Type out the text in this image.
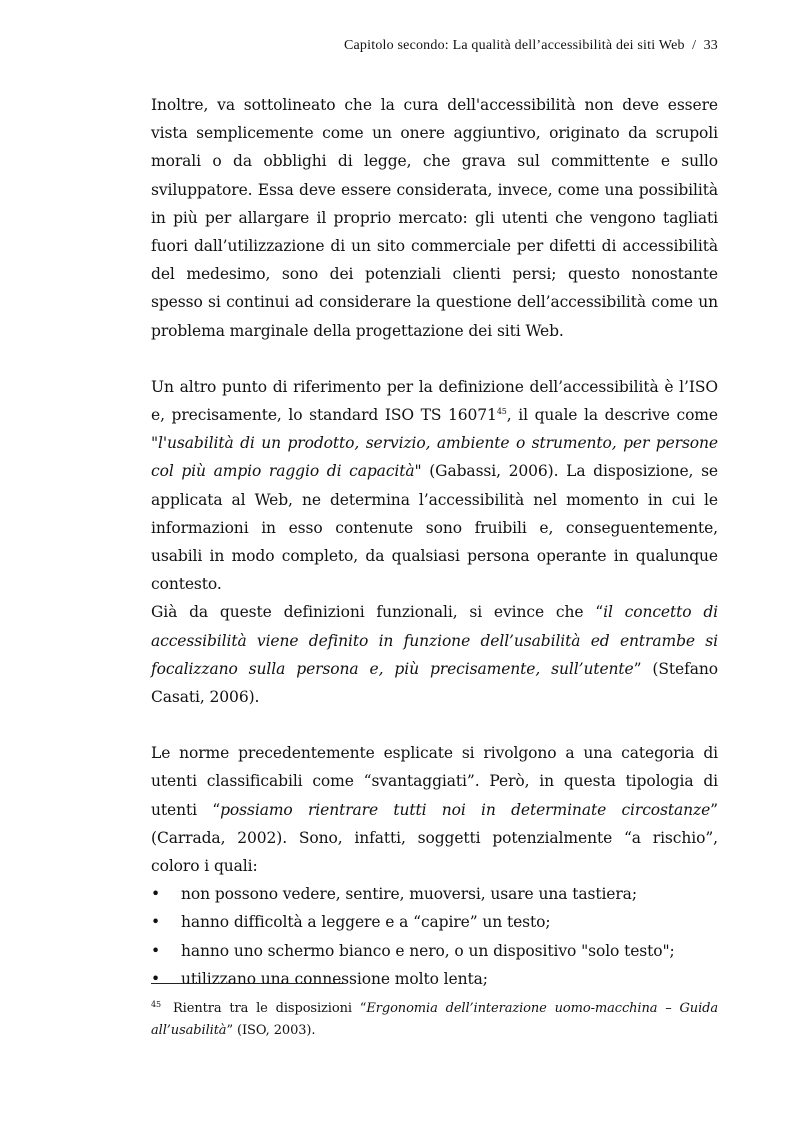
Capitolo secondo: La qualità dell’accessibilità dei siti Web / 33

Inoltre, va sottolineato che la cura dell'accessibilità non deve essere vista semplicemente come un onere aggiuntivo, originato da scrupoli morali o da obblighi di legge, che grava sul committente e sullo sviluppatore. Essa deve essere considerata, invece, come una possibilità in più per allargare il proprio mercato: gli utenti che vengono tagliati fuori dall’utilizzazione di un sito commerciale per difetti di accessibilità del medesimo, sono dei potenziali clienti persi; questo nonostante spesso si continui ad considerare la questione dell’accessibilità come un problema marginale della progettazione dei siti Web.

Un altro punto di riferimento per la definizione dell’accessibilità è l’ISO e, precisamente, lo standard ISO TS 16071$^{45}$, il quale la descrive come "l'usabilità di un prodotto, servizio, ambiente o strumento, per persone col più ampio raggio di capacità" (Gabassi, 2006). La disposizione, se applicata al Web, ne determina l’accessibilità nel momento in cui le informazioni in esso contenute sono fruibili e, conseguentemente, usabili in modo completo, da qualsiasi persona operante in qualunque contesto.

Già da queste definizioni funzionali, si evince che “il concetto di accessibilità viene definito in funzione dell’usabilità ed entrambe si focalizzano sulla persona e, più precisamente, sull’utente” (Stefano Casati, 2006).

Le norme precedentemente esplicate si rivolgono a una categoria di utenti classificabili come “svantaggiati”. Però, in questa tipologia di utenti “possiamo rientrare tutti noi in determinate circostanze” (Carrada, 2002). Sono, infatti, soggetti potenzialmente “a rischio”, coloro i quali:

• non possono vedere, sentire, muoversi, usare una tastiera;
• hanno difficoltà a leggere e a “capire” un testo;
• hanno uno schermo bianco e nero, o un dispositivo "solo testo";
• utilizzano una connessione molto lenta;
$^{45}$ Rientra tra le disposizioni “Ergonomia dell’interazione uomo-macchina – Guida all’usabilità” (ISO, 2003).
